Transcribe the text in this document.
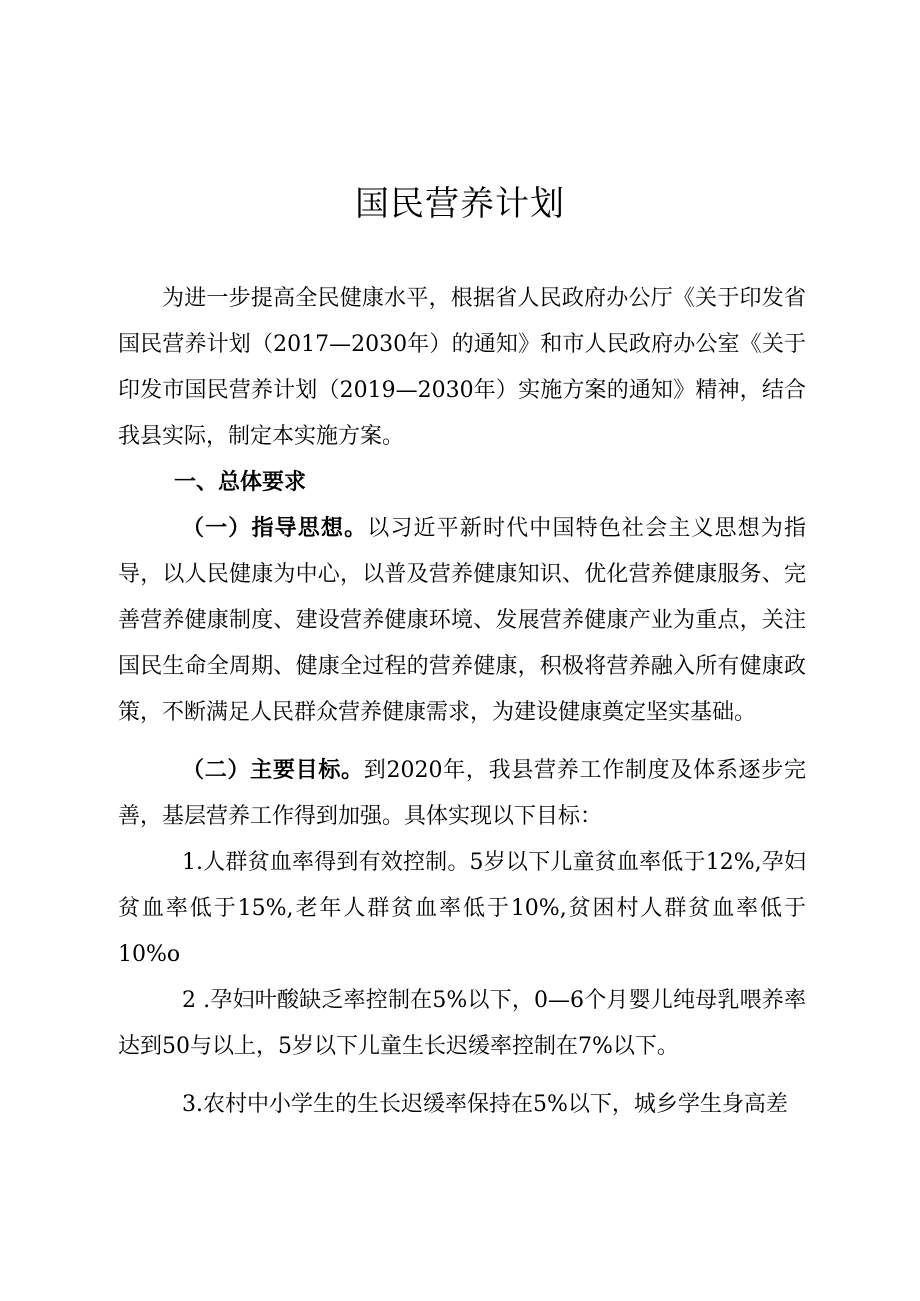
国民营养计划

为进一步提高全民健康水平，根据省人民政府办公厅《关于印发省国民营养计划（2017—2030年）的通知》和市人民政府办公室《关于印发市国民营养计划（2019—2030年）实施方案的通知》精神，结合我县实际，制定本实施方案。

一、总体要求

（一）指导思想。以习近平新时代中国特色社会主义思想为指导，以人民健康为中心，以普及营养健康知识、优化营养健康服务、完善营养健康制度、建设营养健康环境、发展营养健康产业为重点，关注国民生命全周期、健康全过程的营养健康，积极将营养融入所有健康政策，不断满足人民群众营养健康需求，为建设健康奠定坚实基础。

（二）主要目标。到2020年，我县营养工作制度及体系逐步完善，基层营养工作得到加强。具体实现以下目标：

1.人群贫血率得到有效控制。5岁以下儿童贫血率低于12%,孕妇贫血率低于15%,老年人群贫血率低于10%,贫困村人群贫血率低于10%o

2 .孕妇叶酸缺乏率控制在5%以下，0—6个月婴儿纯母乳喂养率达到50与以上，5岁以下儿童生长迟缓率控制在7%以下。

3.农村中小学生的生长迟缓率保持在5%以下，城乡学生身高差
